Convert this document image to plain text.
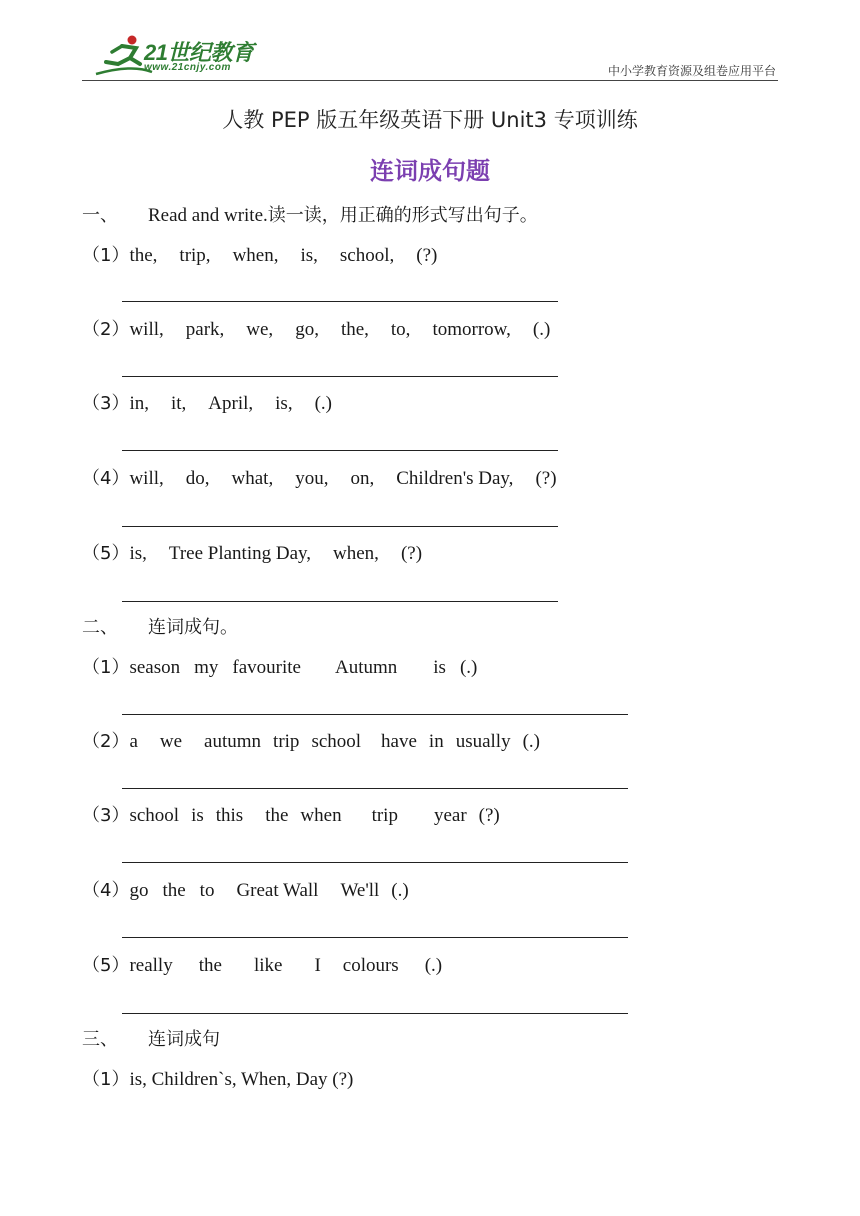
21世纪教育
www.21cnjy.com	中小学教育资源及组卷应用平台
人教 PEP 版五年级英语下册 Unit3 专项训练
连词成句题
一、 Read and write.读一读，用正确的形式写出句子。
（1）the, trip, when, is, school, (?)
（2）will, park, we, go, the, to, tomorrow, (.)
（3）in, it, April, is, (.)
（4）will, do, what, you, on, Children's Day, (?)
（5）is, Tree Planting Day, when, (?)
二、 连词成句。
（1）season my favourite Autumn is (.)
（2）a we autumn trip school have in usually (.)
（3）school is this the when trip year (?)
（4）go the to Great Wall We'll (.)
（5）really the like I colours (.)
三、 连词成句
（1）is, Children`s, When, Day (?)
